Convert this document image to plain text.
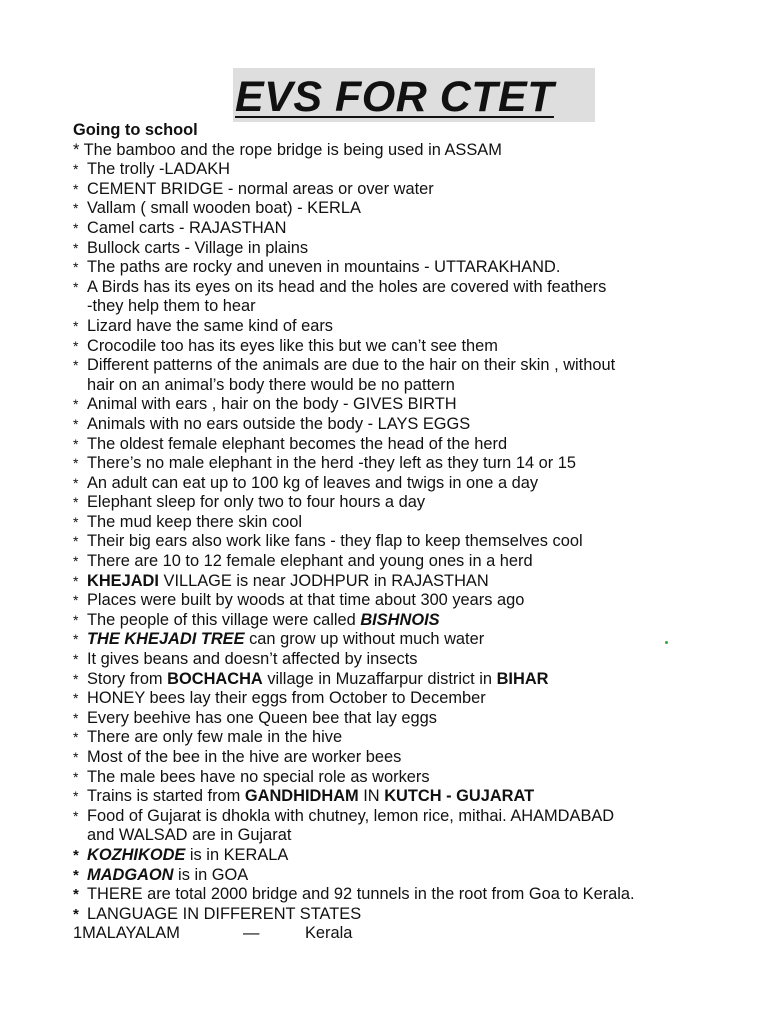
EVS FOR CTET
Going to school
* The bamboo and the rope bridge is being used in ASSAM
* The trolly -LADAKH
* CEMENT BRIDGE - normal areas or over water
* Vallam ( small wooden boat) - KERLA
* Camel carts - RAJASTHAN
* Bullock carts - Village in plains
* The paths are rocky and uneven in mountains - UTTARAKHAND.
* A Birds has its eyes on its head and the holes are covered with feathers
-they help them to hear
* Lizard have the same kind of ears
* Crocodile too has its eyes like this but we can’t see them
* Different patterns of the animals are due to the hair on their skin , without
hair on an animal’s body there would be no pattern
* Animal with ears , hair on the body - GIVES BIRTH
* Animals with no ears outside the body - LAYS EGGS
* The oldest female elephant becomes the head of the herd
* There’s no male elephant in the herd -they left as they turn 14 or 15
* An adult can eat up to 100 kg of leaves and twigs in one a day
* Elephant sleep for only two to four hours a day
* The mud keep there skin cool
* Their big ears also work like fans - they flap to keep themselves cool
* There are 10 to 12 female elephant and young ones in a herd
* KHEJADI VILLAGE is near JODHPUR in RAJASTHAN
* Places were built by woods at that time about 300 years ago
* The people of this village were called BISHNOIS
* THE KHEJADI TREE can grow up without much water
* It gives beans and doesn’t affected by insects
* Story from BOCHACHA village in Muzaffarpur district in BIHAR
* HONEY bees lay their eggs from October to December
* Every beehive has one Queen bee that lay eggs
* There are only few male in the hive
* Most of the bee in the hive are worker bees
* The male bees have no special role as workers
* Trains is started from GANDHIDHAM IN KUTCH - GUJARAT
* Food of Gujarat is dhokla with chutney, lemon rice, mithai. AHAMDABAD
and WALSAD are in Gujarat
* KOZHIKODE is in KERALA
* MADGAON is in GOA
* THERE are total 2000 bridge and 92 tunnels in the root from Goa to Kerala.
* LANGUAGE IN DIFFERENT STATES
1MALAYALAM	—	Kerala
